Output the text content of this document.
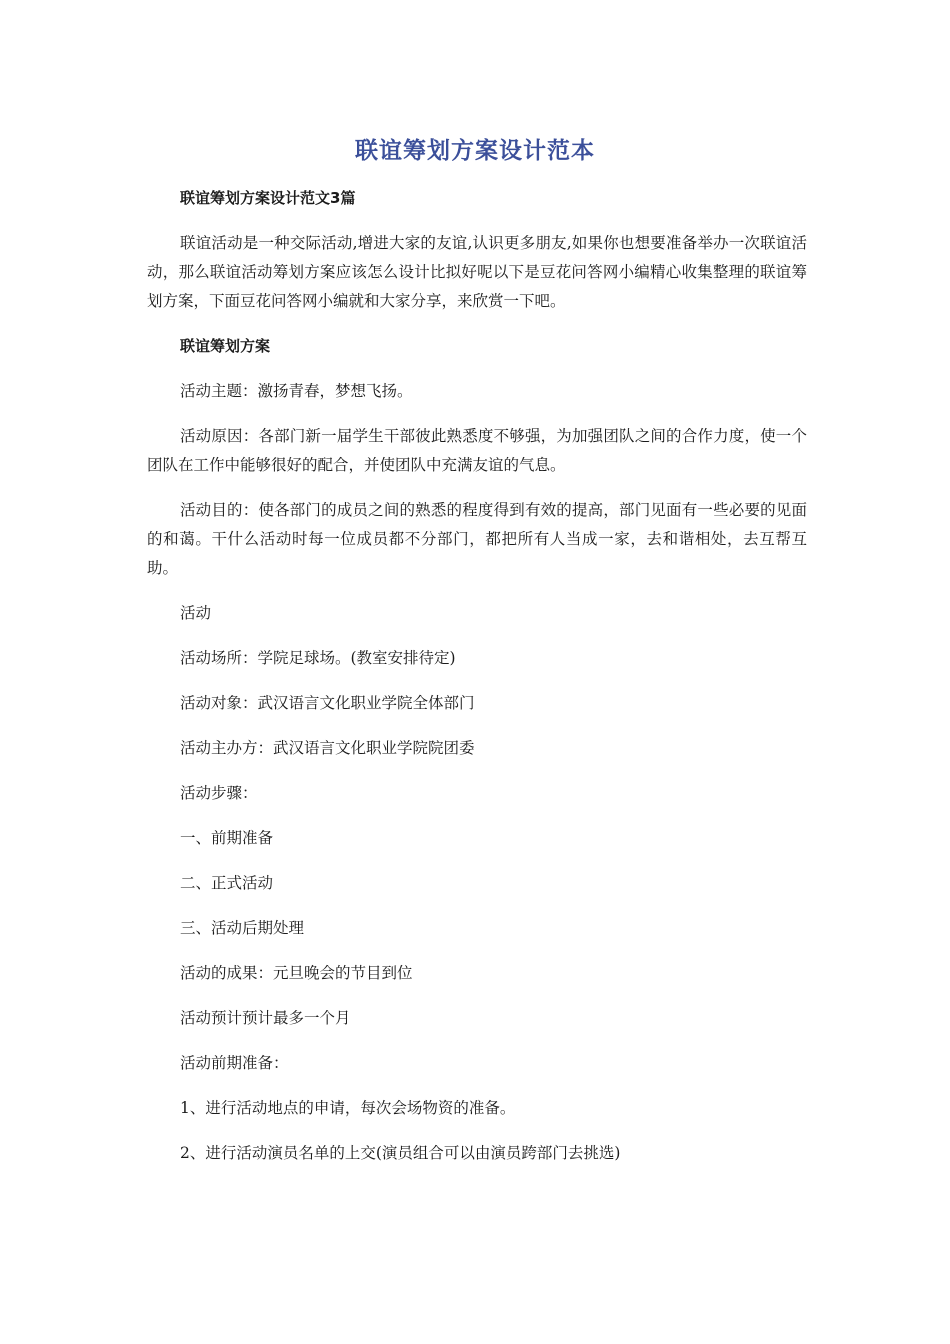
联谊筹划方案设计范本

联谊筹划方案设计范文3篇

联谊活动是一种交际活动,增进大家的友谊,认识更多朋友,如果你也想要准备举办一次联谊活动，那么联谊活动筹划方案应该怎么设计比拟好呢以下是豆花问答网小编精心收集整理的联谊筹划方案，下面豆花问答网小编就和大家分享，来欣赏一下吧。

联谊筹划方案

活动主题：激扬青春，梦想飞扬。

活动原因：各部门新一届学生干部彼此熟悉度不够强，为加强团队之间的合作力度，使一个团队在工作中能够很好的配合，并使团队中充满友谊的气息。

活动目的：使各部门的成员之间的熟悉的程度得到有效的提高，部门见面有一些必要的见面的和蔼。干什么活动时每一位成员都不分部门，都把所有人当成一家，去和谐相处，去互帮互助。

活动

活动场所：学院足球场。(教室安排待定)

活动对象：武汉语言文化职业学院全体部门

活动主办方：武汉语言文化职业学院院团委

活动步骤：

一、前期准备

二、正式活动

三、活动后期处理

活动的成果：元旦晚会的节目到位

活动预计预计最多一个月

活动前期准备：

1、进行活动地点的申请，每次会场物资的准备。

2、进行活动演员名单的上交(演员组合可以由演员跨部门去挑选)
